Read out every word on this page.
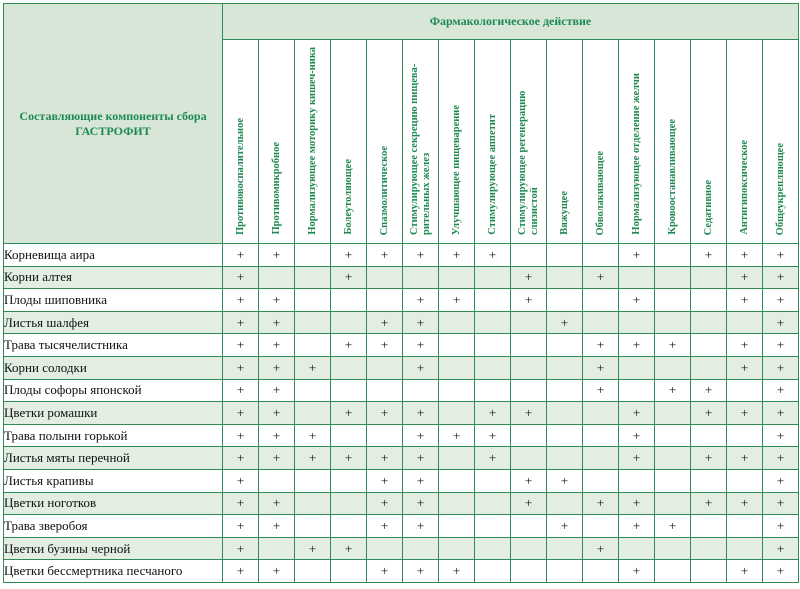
Составляющие компоненты сбора ГАСТРОФИТ	Фармакологическое действие															
	Противовоспалительное	Противомикробное	Нормализующее моторику кишеч-ника	Болеутоляющее	Спазмолитическое	Стимулирующее секрецию пищева-рительных желез	Улучшающее пищеварение	Стимулирующее аппетит	Стимулирующее регенерацию слизистой	Вяжущее	Обволакивающее	Нормализующее отделение желчи	Кровоостанавливающее	Седативное	Антигипоксическое	Общеукрепляющее
Корневища аира	+	+		+	+	+	+	+				+		+	+	+
Корни алтея	+			+					+		+				+	+
Плоды шиповника	+	+				+	+		+			+			+	+
Листья шалфея	+	+			+	+				+						+
Трава тысячелистника	+	+		+	+	+					+	+	+		+	+
Корни солодки	+	+	+			+					+				+	+
Плоды софоры японской	+	+									+		+	+		+
Цветки ромашки	+	+		+	+	+		+	+			+		+	+	+
Трава полыни горькой	+	+	+			+	+	+				+				+
Листья мяты перечной	+	+	+	+	+	+		+				+		+	+	+
Листья крапивы	+				+	+			+	+						+
Цветки ноготков	+	+			+	+			+		+	+		+	+	+
Трава зверобоя	+	+			+	+				+		+	+			+
Цветки бузины черной	+		+	+							+					+
Цветки бессмертника песчаного	+	+			+	+	+					+			+	+
